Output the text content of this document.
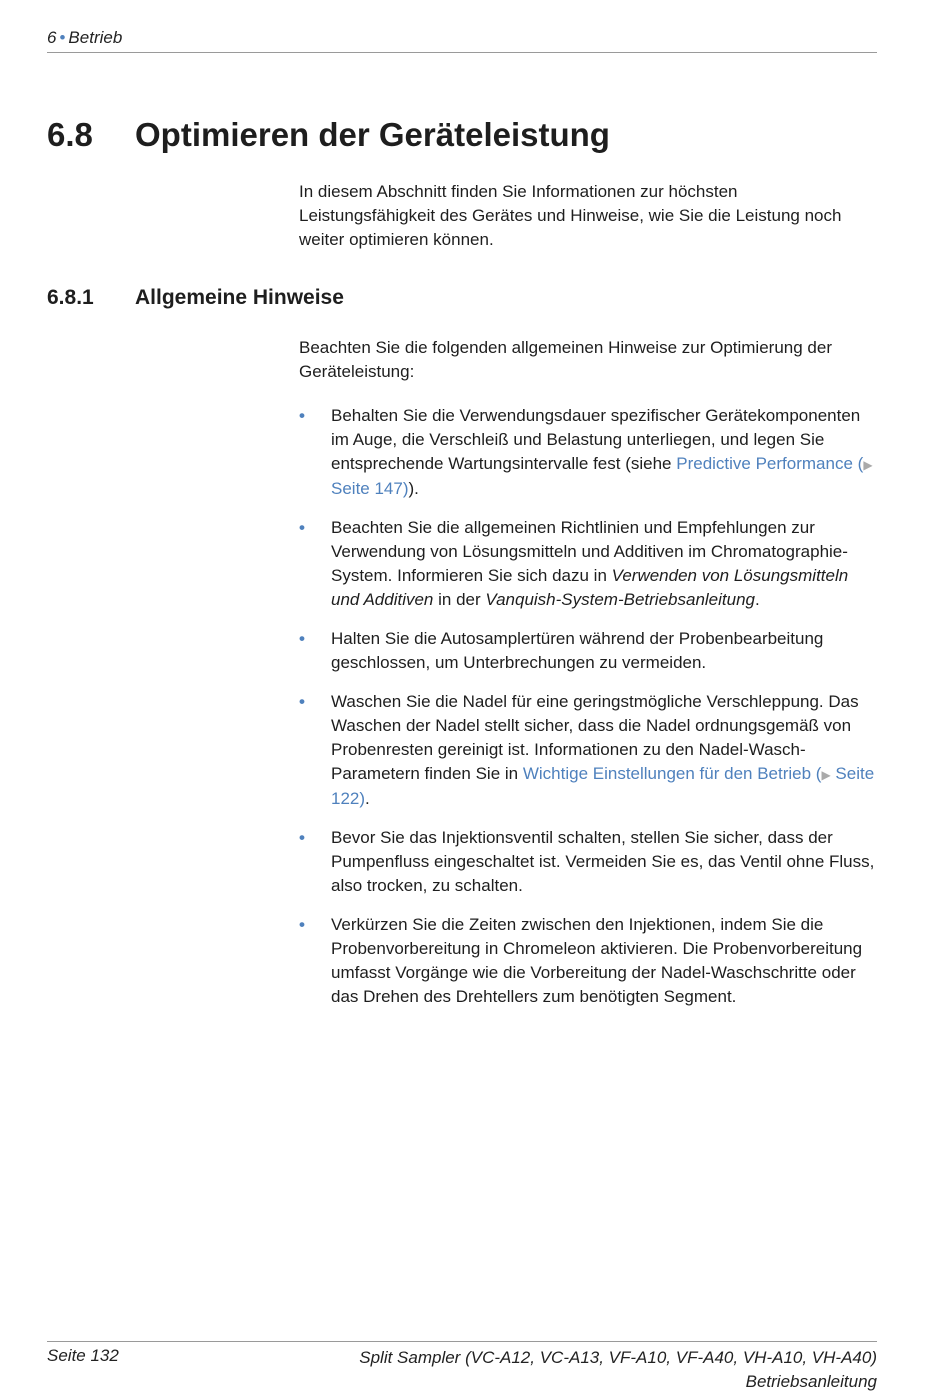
6 • Betrieb
6.8 Optimieren der Geräteleistung

In diesem Abschnitt finden Sie Informationen zur höchsten Leistungsfähigkeit des Gerätes und Hinweise, wie Sie die Leistung noch weiter optimieren können.

6.8.1 Allgemeine Hinweise

Beachten Sie die folgenden allgemeinen Hinweise zur Optimierung der Geräteleistung:

• Behalten Sie die Verwendungsdauer spezifischer Gerätekomponenten im Auge, die Verschleiß und Belastung unterliegen, und legen Sie entsprechende Wartungsintervalle fest (siehe Predictive Performance (▶ Seite 147)).
• Beachten Sie die allgemeinen Richtlinien und Empfehlungen zur Verwendung von Lösungsmitteln und Additiven im Chromatographie-System. Informieren Sie sich dazu in Verwenden von Lösungsmitteln und Additiven in der Vanquish-System-Betriebsanleitung.
• Halten Sie die Autosamplertüren während der Probenbearbeitung geschlossen, um Unterbrechungen zu vermeiden.
• Waschen Sie die Nadel für eine geringstmögliche Verschleppung. Das Waschen der Nadel stellt sicher, dass die Nadel ordnungsgemäß von Probenresten gereinigt ist. Informationen zu den Nadel-Wasch-Parametern finden Sie in Wichtige Einstellungen für den Betrieb (▶ Seite 122).
• Bevor Sie das Injektionsventil schalten, stellen Sie sicher, dass der Pumpenfluss eingeschaltet ist. Vermeiden Sie es, das Ventil ohne Fluss, also trocken, zu schalten.
• Verkürzen Sie die Zeiten zwischen den Injektionen, indem Sie die Probenvorbereitung in Chromeleon aktivieren. Die Probenvorbereitung umfasst Vorgänge wie die Vorbereitung der Nadel-Waschschritte oder das Drehen des Drehtellers zum benötigten Segment.
Seite 132	Split Sampler (VC-A12, VC-A13, VF-A10, VF-A40, VH-A10, VH-A40)
Betriebsanleitung
